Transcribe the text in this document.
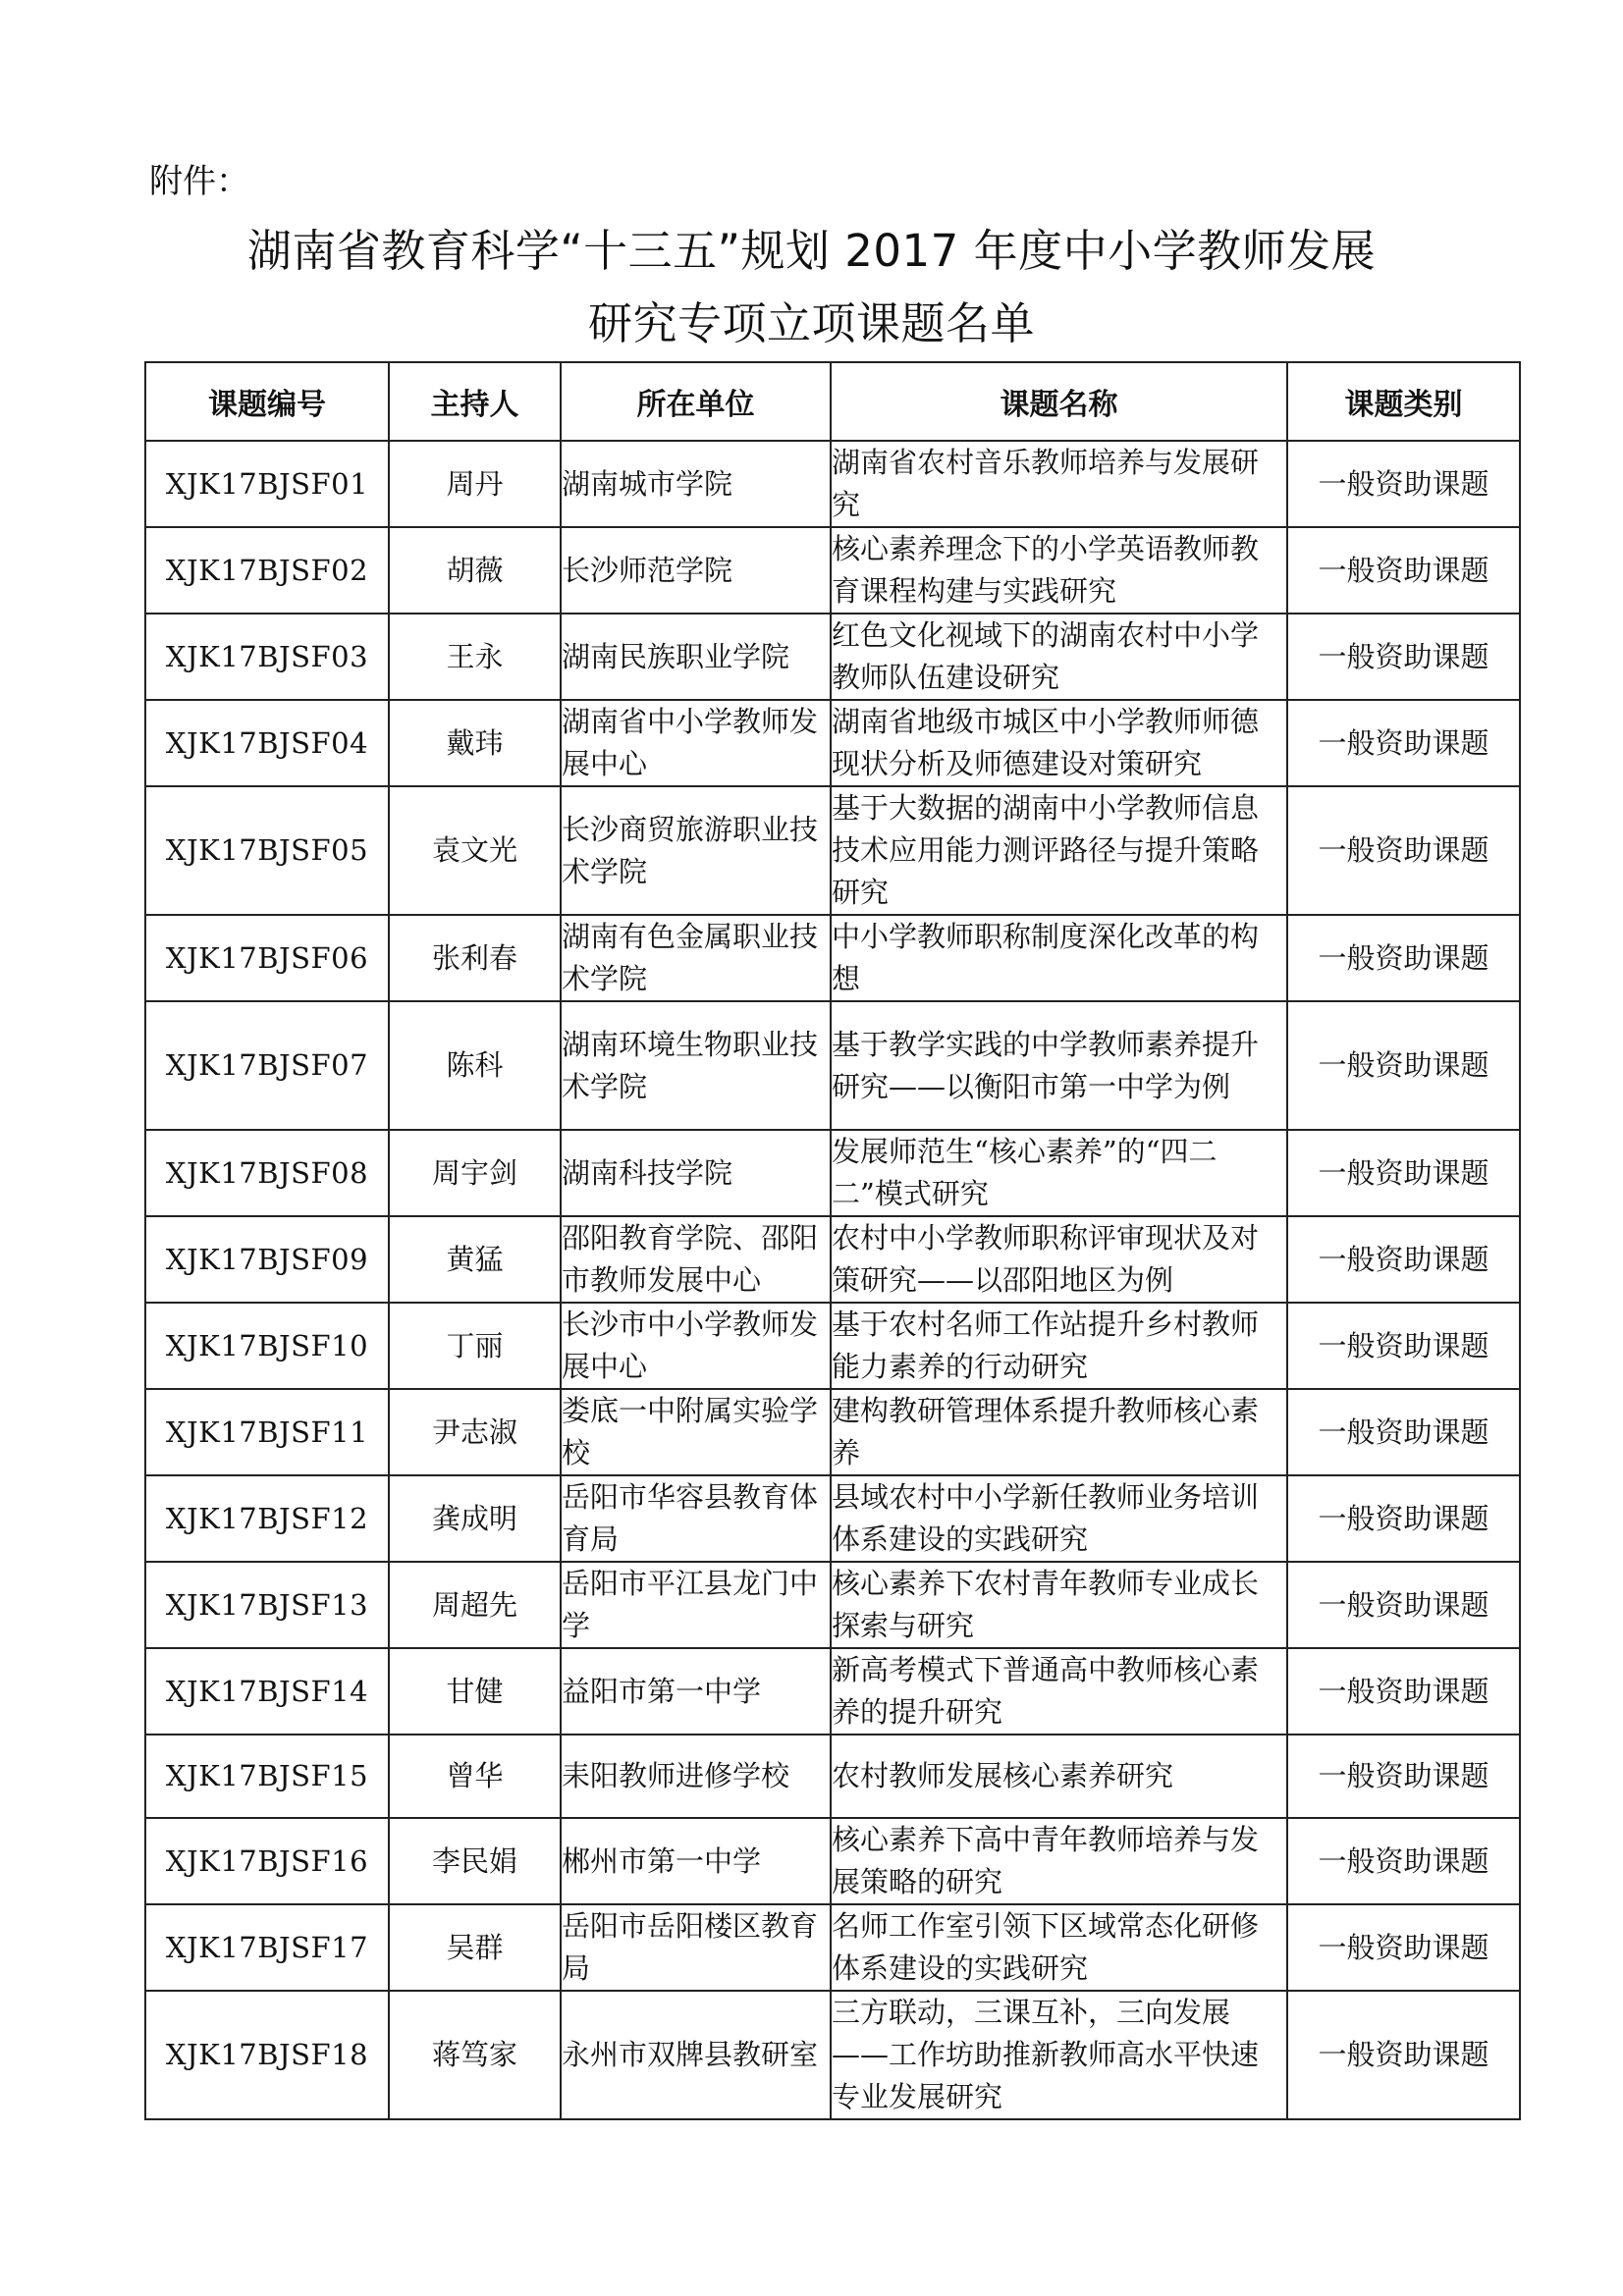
附件：
湖南省教育科学“十三五”规划 2017 年度中小学教师发展
研究专项立项课题名单
课题编号	主持人	所在单位	课题名称	课题类别
XJK17BJSF01	周丹	湖南城市学院	湖南省农村音乐教师培养与发展研究	一般资助课题
XJK17BJSF02	胡薇	长沙师范学院	核心素养理念下的小学英语教师教育课程构建与实践研究	一般资助课题
XJK17BJSF03	王永	湖南民族职业学院	红色文化视域下的湖南农村中小学教师队伍建设研究	一般资助课题
XJK17BJSF04	戴玮	湖南省中小学教师发展中心	湖南省地级市城区中小学教师师德现状分析及师德建设对策研究	一般资助课题
XJK17BJSF05	袁文光	长沙商贸旅游职业技术学院	基于大数据的湖南中小学教师信息技术应用能力测评路径与提升策略研究	一般资助课题
XJK17BJSF06	张利春	湖南有色金属职业技术学院	中小学教师职称制度深化改革的构想	一般资助课题
XJK17BJSF07	陈科	湖南环境生物职业技术学院	基于教学实践的中学教师素养提升研究——以衡阳市第一中学为例	一般资助课题
XJK17BJSF08	周宇剑	湖南科技学院	发展师范生“核心素养”的“四二二”模式研究	一般资助课题
XJK17BJSF09	黄猛	邵阳教育学院、邵阳市教师发展中心	农村中小学教师职称评审现状及对策研究——以邵阳地区为例	一般资助课题
XJK17BJSF10	丁丽	长沙市中小学教师发展中心	基于农村名师工作站提升乡村教师能力素养的行动研究	一般资助课题
XJK17BJSF11	尹志淑	娄底一中附属实验学校	建构教研管理体系提升教师核心素养	一般资助课题
XJK17BJSF12	龚成明	岳阳市华容县教育体育局	县域农村中小学新任教师业务培训体系建设的实践研究	一般资助课题
XJK17BJSF13	周超先	岳阳市平江县龙门中学	核心素养下农村青年教师专业成长探索与研究	一般资助课题
XJK17BJSF14	甘健	益阳市第一中学	新高考模式下普通高中教师核心素养的提升研究	一般资助课题
XJK17BJSF15	曾华	耒阳教师进修学校	农村教师发展核心素养研究	一般资助课题
XJK17BJSF16	李民娟	郴州市第一中学	核心素养下高中青年教师培养与发展策略的研究	一般资助课题
XJK17BJSF17	吴群	岳阳市岳阳楼区教育局	名师工作室引领下区域常态化研修体系建设的实践研究	一般资助课题
XJK17BJSF18	蒋笃家	永州市双牌县教研室	三方联动，三课互补，三向发展——工作坊助推新教师高水平快速专业发展研究	一般资助课题
